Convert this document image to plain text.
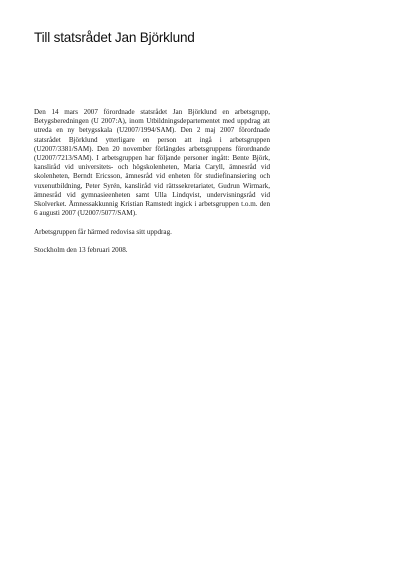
Till statsrådet Jan Björklund

Den 14 mars 2007 förordnade statsrådet Jan Björklund en arbetsgrupp, Betygsberedningen (U 2007:A), inom Utbildningsdepartementet med uppdrag att utreda en ny betygsskala (U2007/1994/SAM). Den 2 maj 2007 förordnade statsrådet Björklund ytterligare en person att ingå i arbetsgruppen (U2007/3381/SAM). Den 20 november förlängdes arbetsgruppens förordnande (U2007/7213/SAM). I arbetsgruppen har följande personer ingått: Bente Björk, kansliråd vid universitets- och högskolenheten, Maria Caryll, ämnesråd vid skolenheten, Berndt Ericsson, ämnesråd vid enheten för studiefinansiering och vuxenutbildning, Peter Syrén, kansliråd vid rättssekretariatet, Gudrun Wirmark, ämnesråd vid gymnasieenheten samt Ulla Lindqvist, undervisningsråd vid Skolverket. Ämnessakkunnig Kristian Ramstedt ingick i arbetsgruppen t.o.m. den 6 augusti 2007 (U2007/5077/SAM).

Arbetsgruppen får härmed redovisa sitt uppdrag.

Stockholm den 13 februari 2008.
